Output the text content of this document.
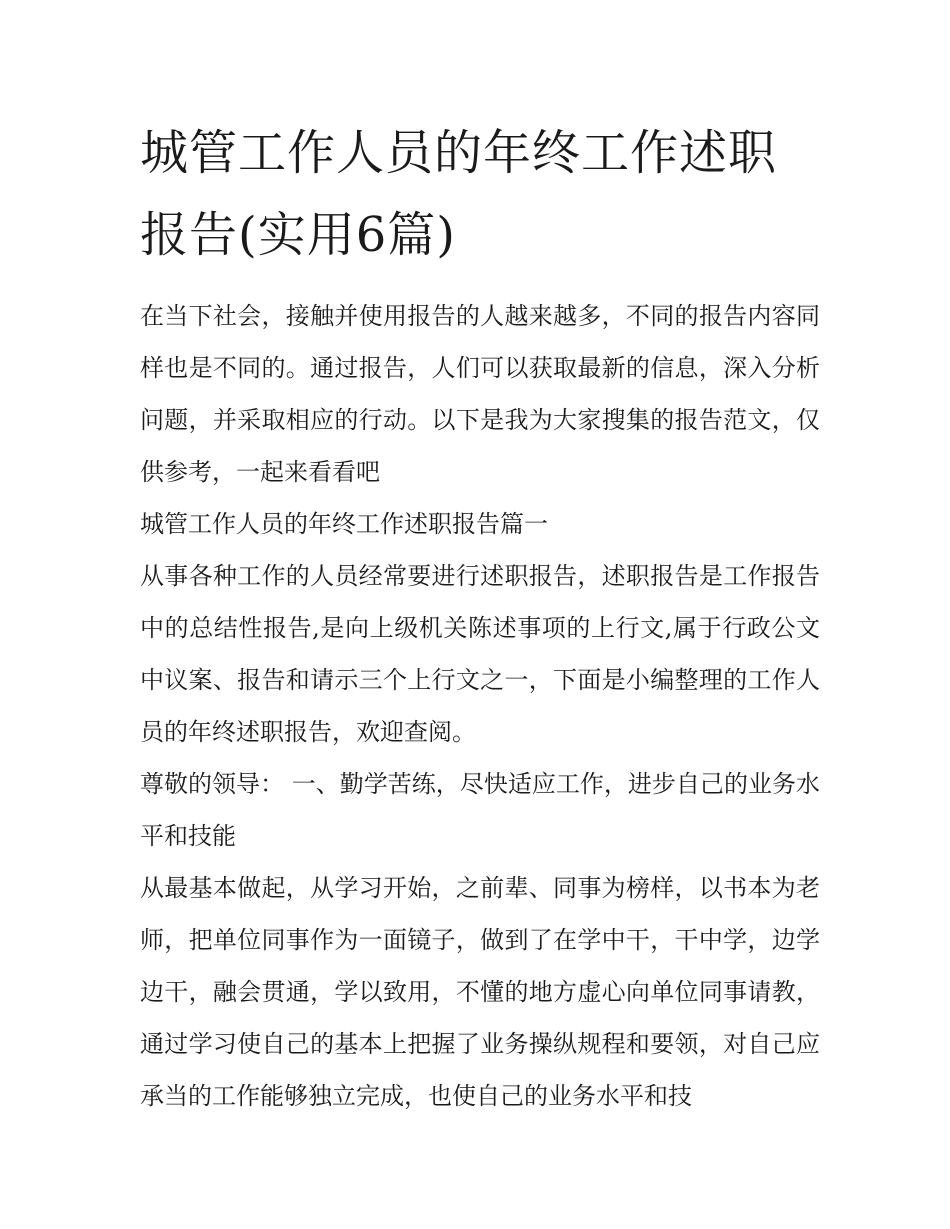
城管工作人员的年终工作述职报告(实用6篇)

在当下社会，接触并使用报告的人越来越多，不同的报告内容同样也是不同的。通过报告，人们可以获取最新的信息，深入分析问题，并采取相应的行动。以下是我为大家搜集的报告范文，仅供参考，一起来看看吧

城管工作人员的年终工作述职报告篇一

从事各种工作的人员经常要进行述职报告，述职报告是工作报告中的总结性报告,是向上级机关陈述事项的上行文,属于行政公文中议案、报告和请示三个上行文之一，下面是小编整理的工作人员的年终述职报告，欢迎查阅。

尊敬的领导： 一、勤学苦练，尽快适应工作，进步自己的业务水平和技能

从最基本做起，从学习开始，之前辈、同事为榜样，以书本为老师，把单位同事作为一面镜子，做到了在学中干，干中学，边学边干，融会贯通，学以致用，不懂的地方虚心向单位同事请教，通过学习使自己的基本上把握了业务操纵规程和要领，对自己应承当的工作能够独立完成，也使自己的业务水平和技
